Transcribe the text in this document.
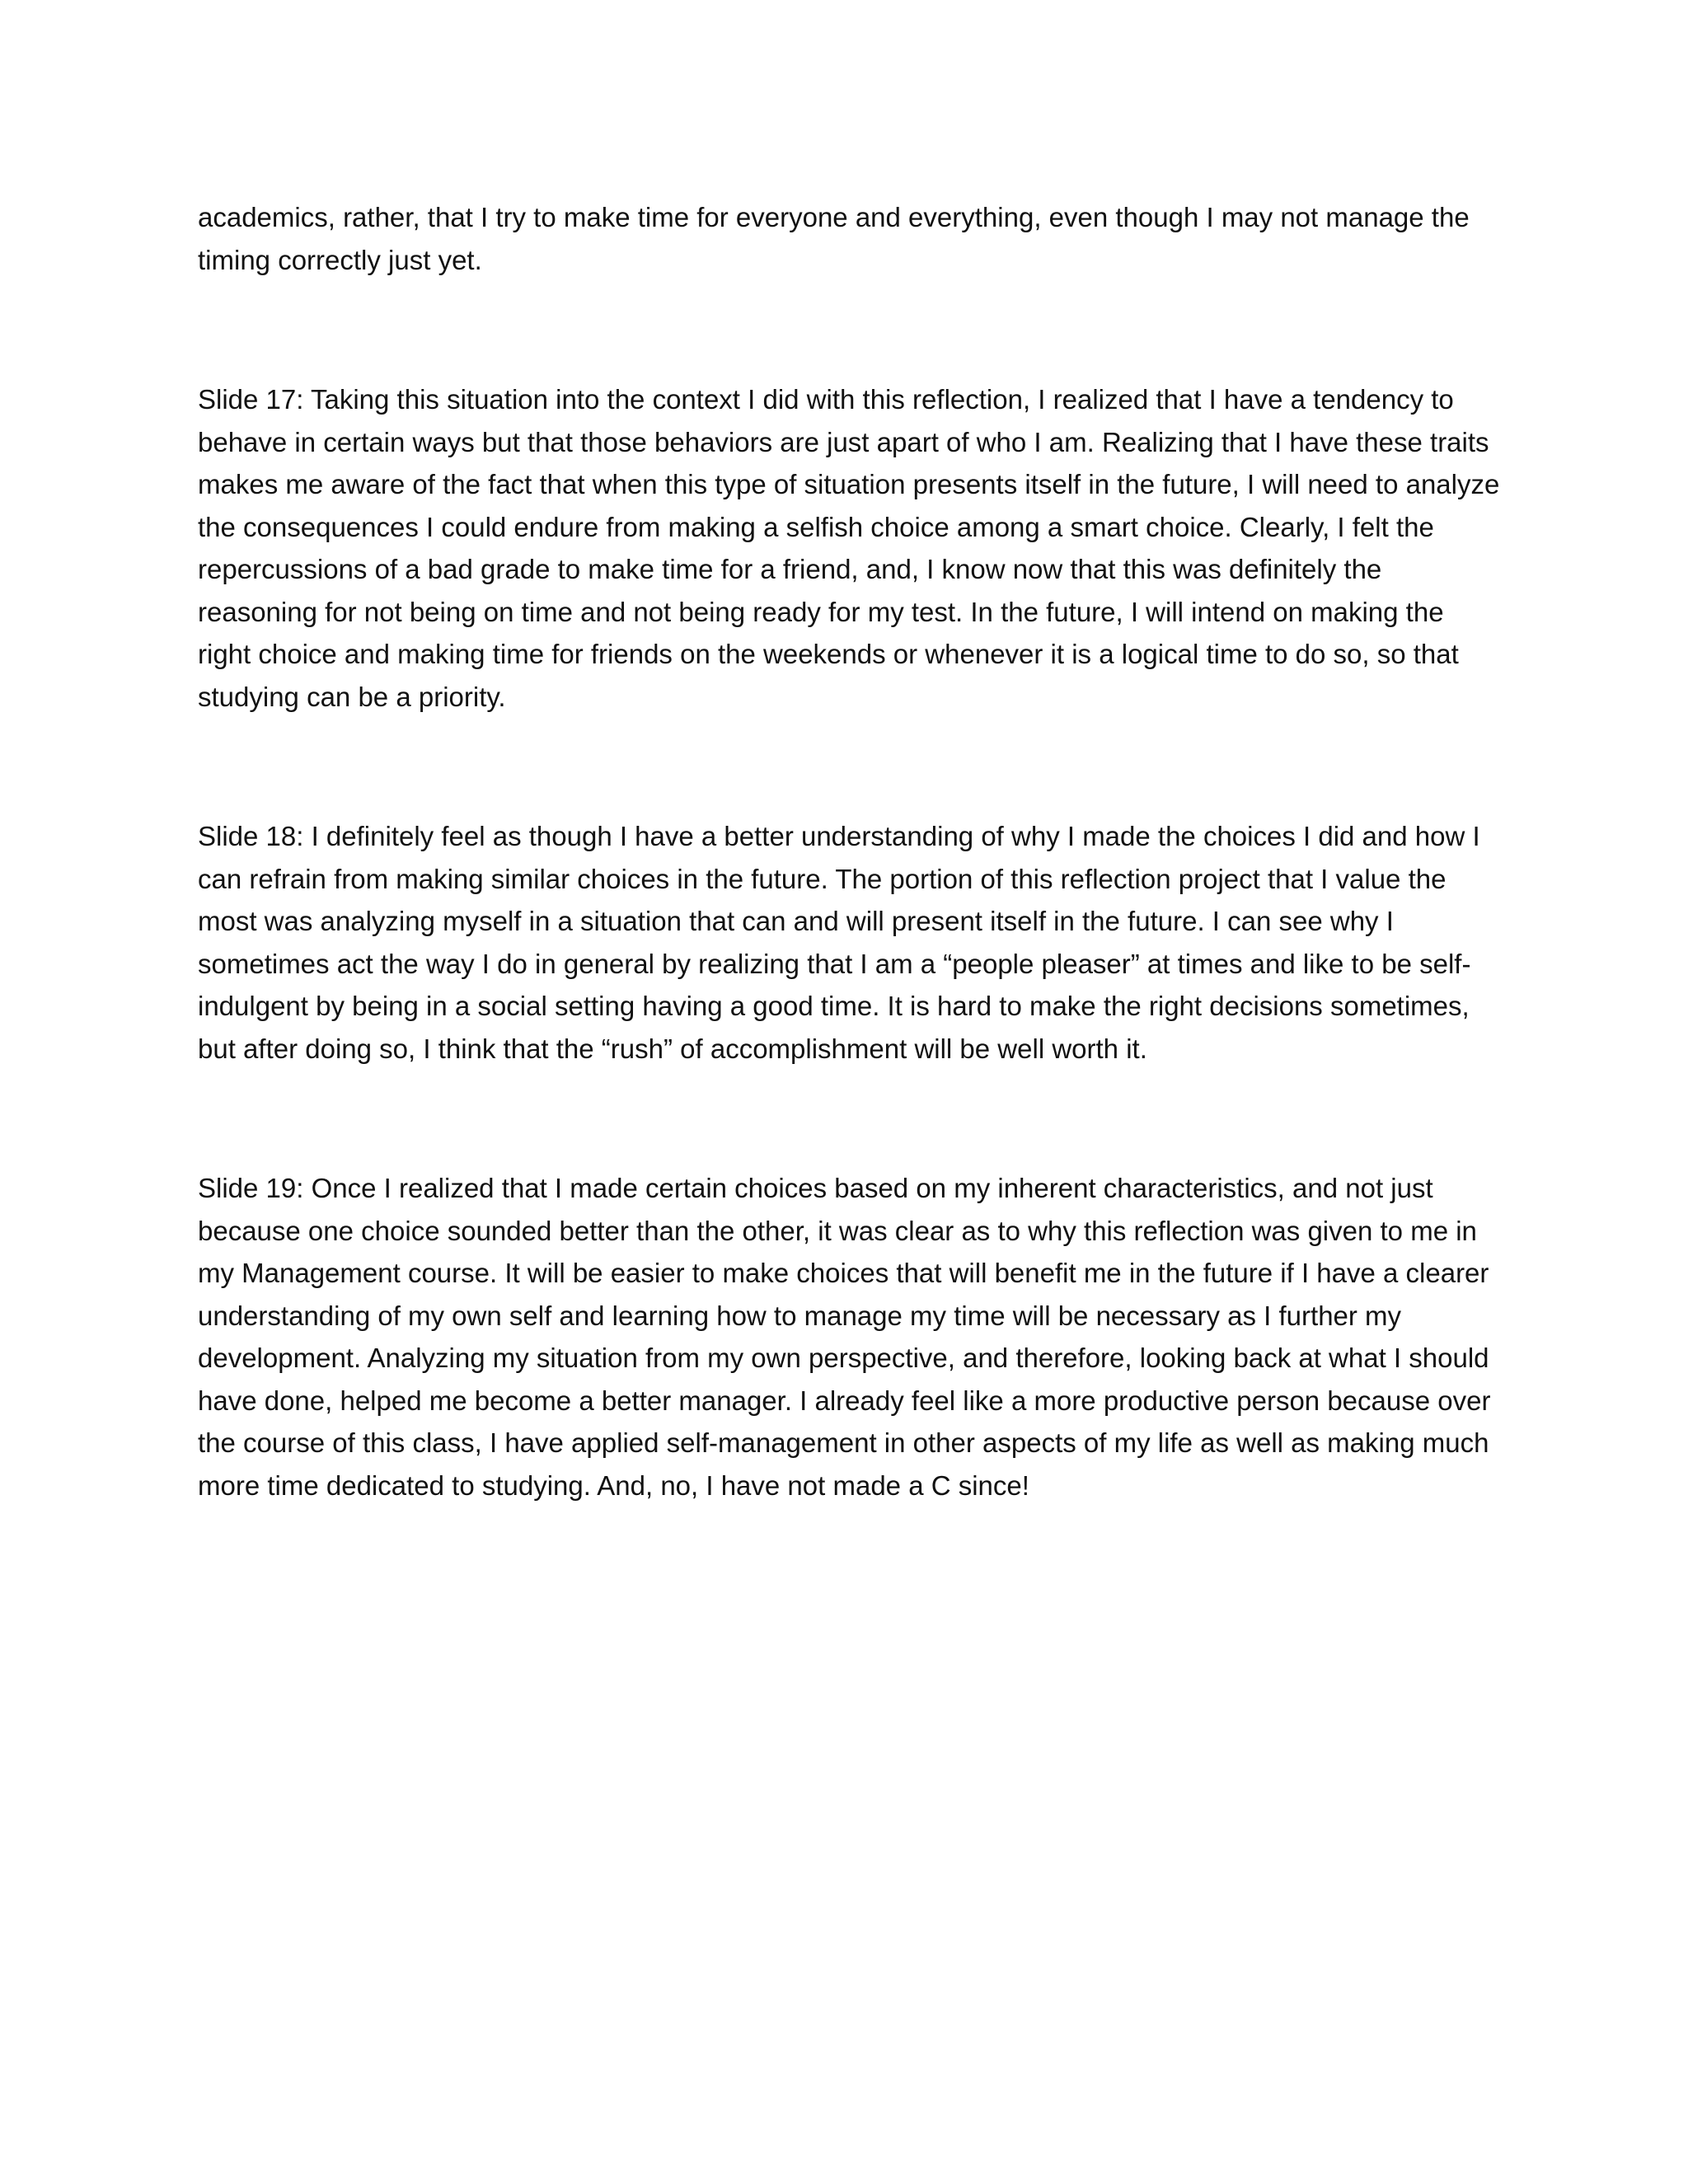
academics, rather, that I try to make time for everyone and everything, even though I may not manage the timing correctly just yet.

Slide 17: Taking this situation into the context I did with this reflection, I realized that I have a tendency to behave in certain ways but that those behaviors are just apart of who I am. Realizing that I have these traits makes me aware of the fact that when this type of situation presents itself in the future, I will need to analyze the consequences I could endure from making a selfish choice among a smart choice. Clearly, I felt the repercussions of a bad grade to make time for a friend, and, I know now that this was definitely the reasoning for not being on time and not being ready for my test. In the future, I will intend on making the right choice and making time for friends on the weekends or whenever it is a logical time to do so, so that studying can be a priority.

Slide 18: I definitely feel as though I have a better understanding of why I made the choices I did and how I can refrain from making similar choices in the future. The portion of this reflection project that I value the most was analyzing myself in a situation that can and will present itself in the future. I can see why I sometimes act the way I do in general by realizing that I am a “people pleaser” at times and like to be self-indulgent by being in a social setting having a good time. It is hard to make the right decisions sometimes, but after doing so, I think that the “rush” of accomplishment will be well worth it.

Slide 19: Once I realized that I made certain choices based on my inherent characteristics, and not just because one choice sounded better than the other, it was clear as to why this reflection was given to me in my Management course. It will be easier to make choices that will benefit me in the future if I have a clearer understanding of my own self and learning how to manage my time will be necessary as I further my development. Analyzing my situation from my own perspective, and therefore, looking back at what I should have done, helped me become a better manager. I already feel like a more productive person because over the course of this class, I have applied self-management in other aspects of my life as well as making much more time dedicated to studying. And, no, I have not made a C since!
